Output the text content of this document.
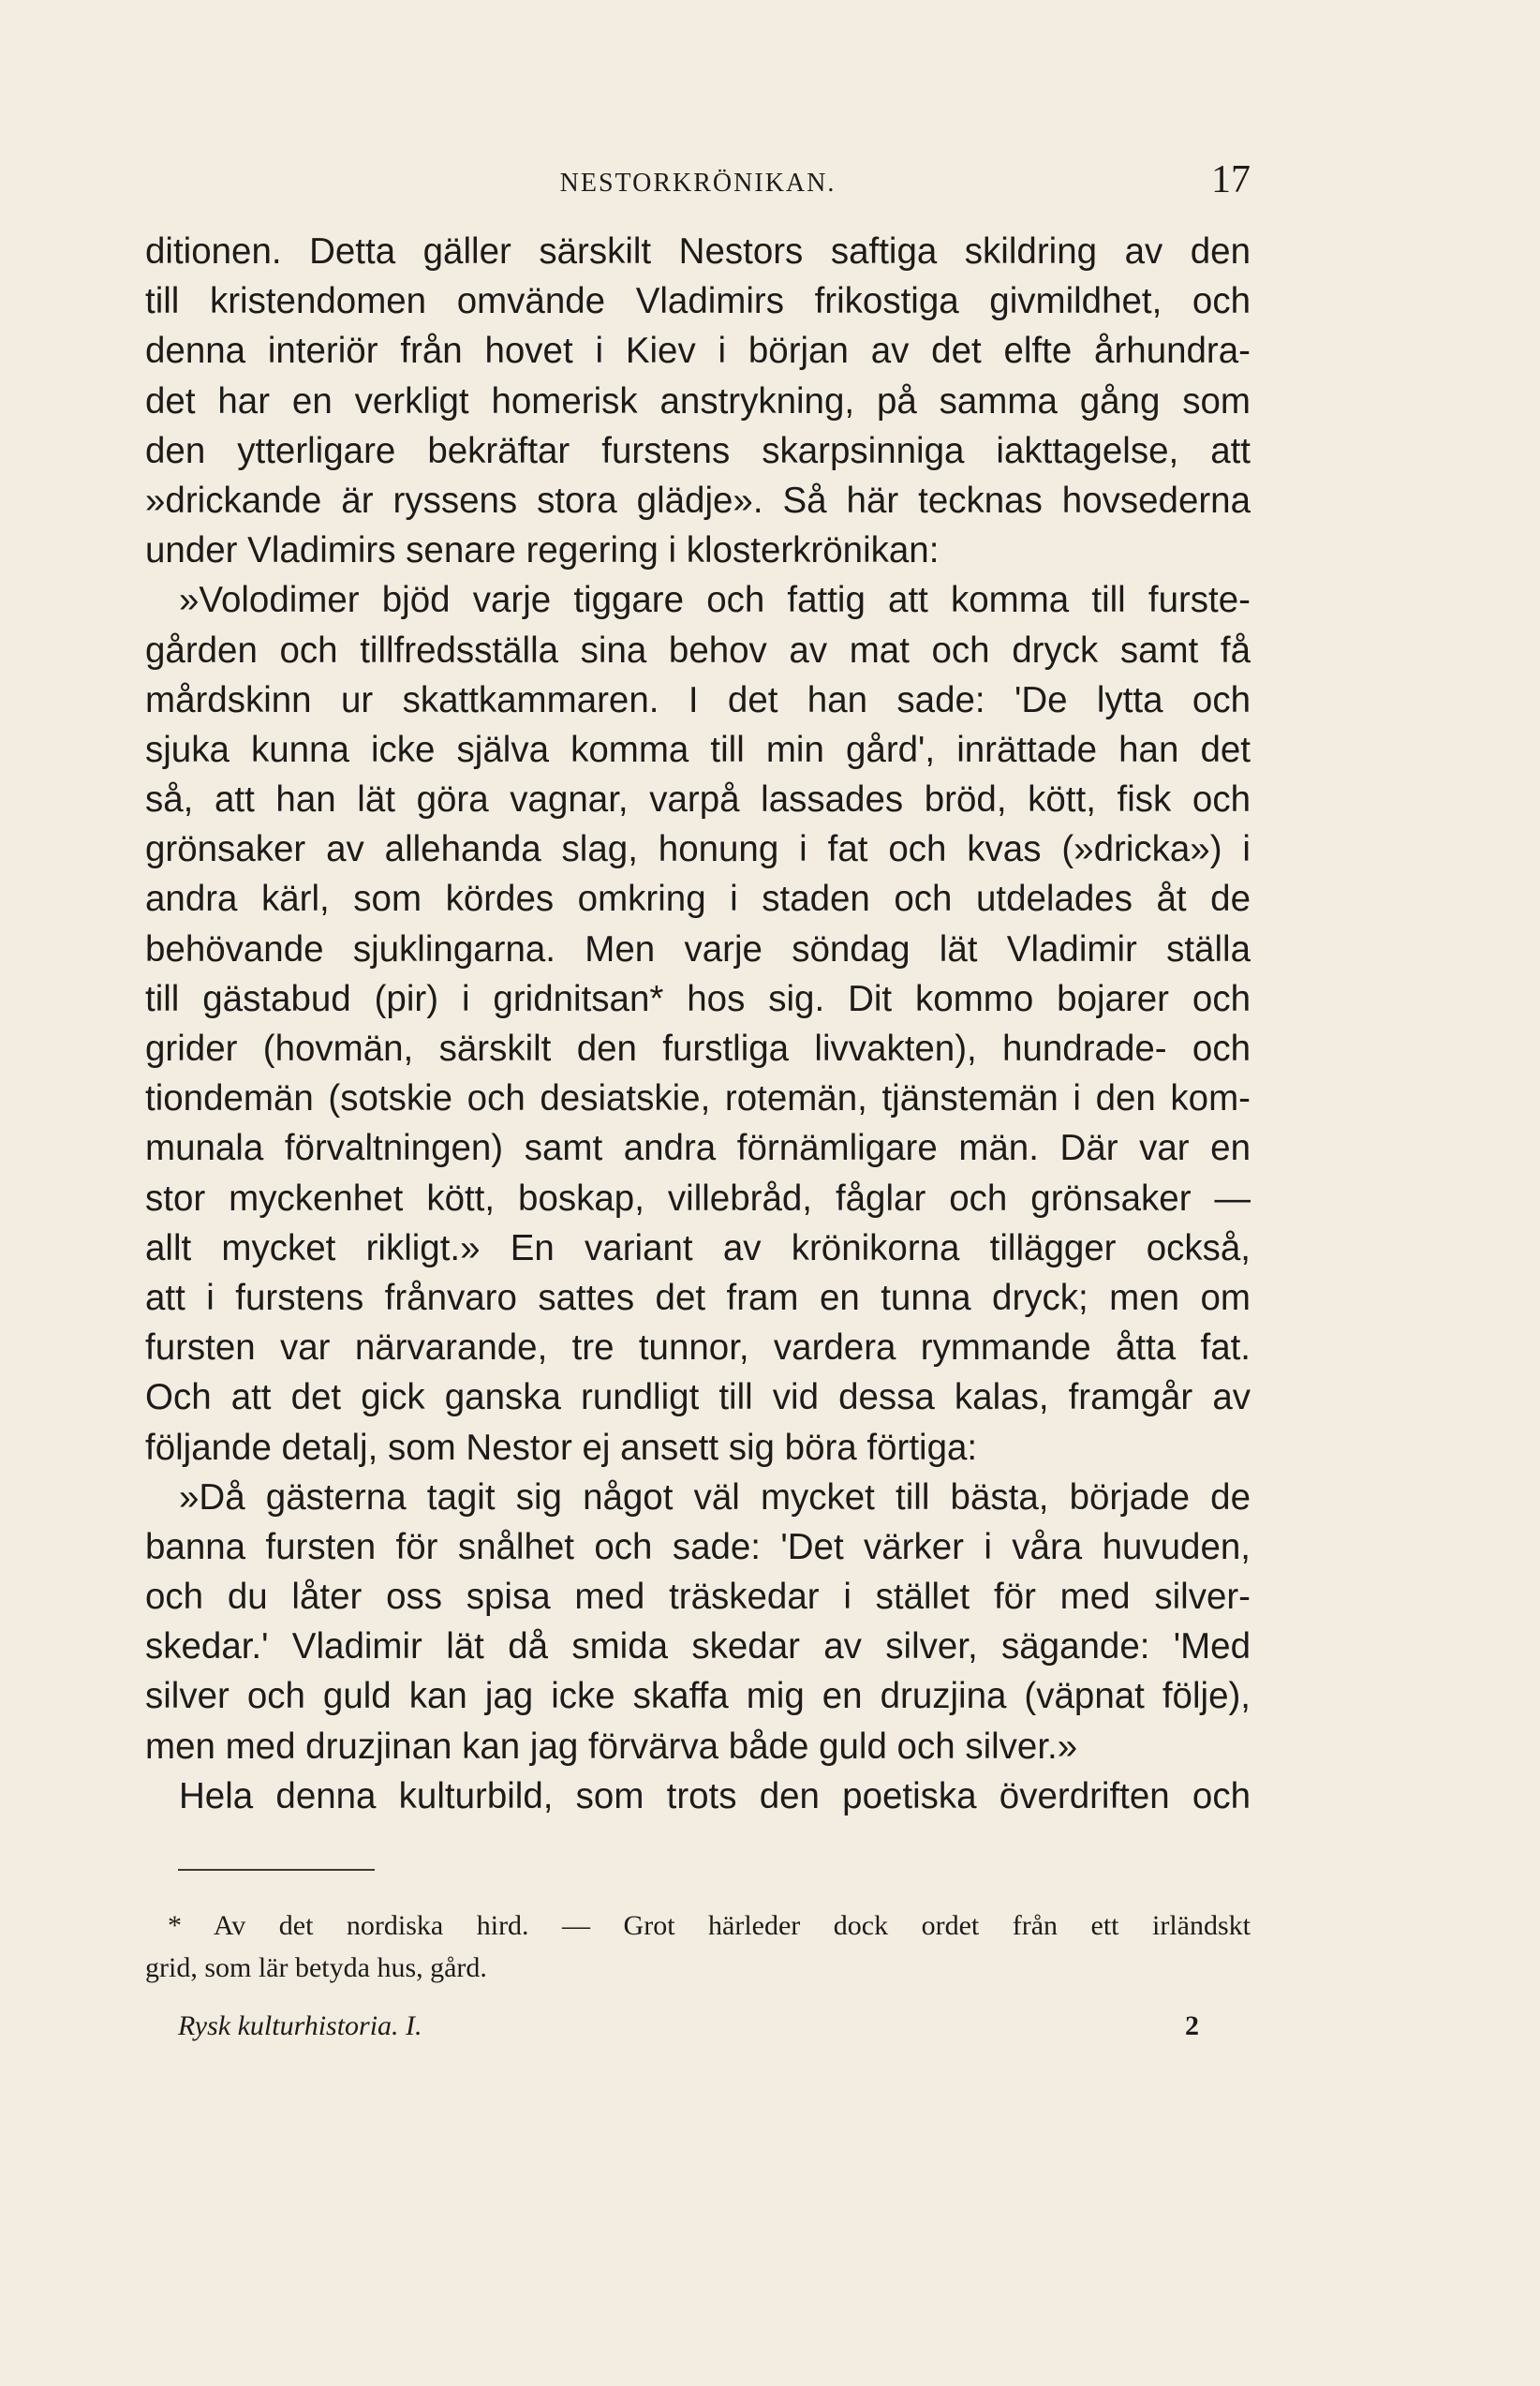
NESTORKRÖNIKAN.	17
ditionen. Detta gäller särskilt Nestors saftiga skildring av den
till kristendomen omvände Vladimirs frikostiga givmildhet, och
denna interiör från hovet i Kiev i början av det elfte århundra-
det har en verkligt homerisk anstrykning, på samma gång som
den ytterligare bekräftar furstens skarpsinniga iakttagelse, att
»drickande är ryssens stora glädje». Så här tecknas hovsederna
under Vladimirs senare regering i klosterkrönikan:
»Volodimer bjöd varje tiggare och fattig att komma till furste-
gården och tillfredsställa sina behov av mat och dryck samt få
mårdskinn ur skattkammaren. I det han sade: 'De lytta och
sjuka kunna icke själva komma till min gård', inrättade han det
så, att han lät göra vagnar, varpå lassades bröd, kött, fisk och
grönsaker av allehanda slag, honung i fat och kvas (»dricka») i
andra kärl, som kördes omkring i staden och utdelades åt de
behövande sjuklingarna. Men varje söndag lät Vladimir ställa
till gästabud (pir) i gridnitsan* hos sig. Dit kommo bojarer och
grider (hovmän, särskilt den furstliga livvakten), hundrade- och
tiondemän (sotskie och desiatskie, rotemän, tjänstemän i den kom-
munala förvaltningen) samt andra förnämligare män. Där var en
stor myckenhet kött, boskap, villebråd, fåglar och grönsaker —
allt mycket rikligt.» En variant av krönikorna tillägger också,
att i furstens frånvaro sattes det fram en tunna dryck; men om
fursten var närvarande, tre tunnor, vardera rymmande åtta fat.
Och att det gick ganska rundligt till vid dessa kalas, framgår av
följande detalj, som Nestor ej ansett sig böra förtiga:
»Då gästerna tagit sig något väl mycket till bästa, började de
banna fursten för snålhet och sade: 'Det värker i våra huvuden,
och du låter oss spisa med träskedar i stället för med silver-
skedar.' Vladimir lät då smida skedar av silver, sägande: 'Med
silver och guld kan jag icke skaffa mig en druzjina (väpnat följe),
men med druzjinan kan jag förvärva både guld och silver.»
Hela denna kulturbild, som trots den poetiska överdriften och
* Av det nordiska hird. — Grot härleder dock ordet från ett irländskt
grid, som lär betyda hus, gård.
Rysk kulturhistoria. I.	2
